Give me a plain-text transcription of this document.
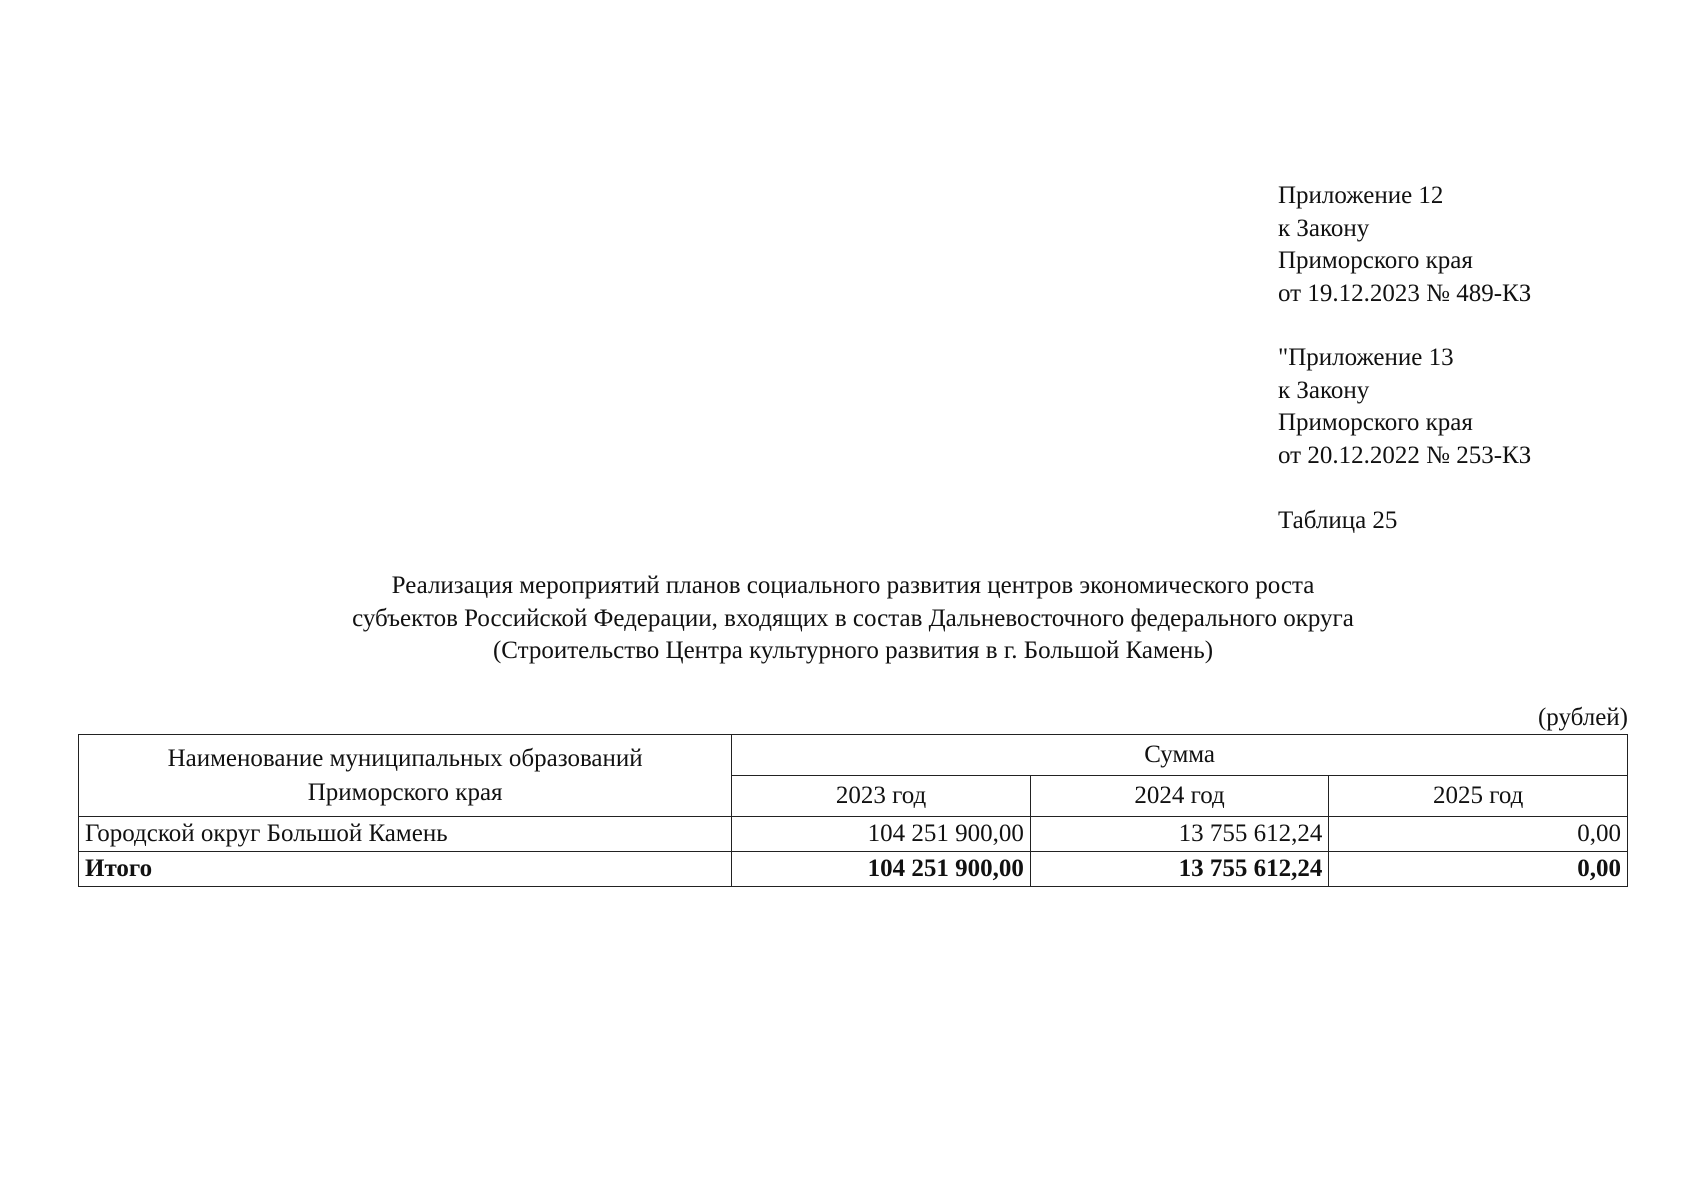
Приложение 12
к Закону
Приморского края
от 19.12.2023 № 489-КЗ
"Приложение 13
к Закону
Приморского края
от 20.12.2022 № 253-КЗ
Таблица 25
Реализация мероприятий планов социального развития центров экономического роста
субъектов Российской Федерации, входящих в состав Дальневосточного федерального округа
(Строительство Центра культурного развития в г. Большой Камень)
(рублей)
Наименование муниципальных образований
Приморского края	Сумма		
	2023 год	2024 год	2025 год
Городской округ Большой Камень	104 251 900,00	13 755 612,24	0,00
Итого	104 251 900,00	13 755 612,24	0,00
